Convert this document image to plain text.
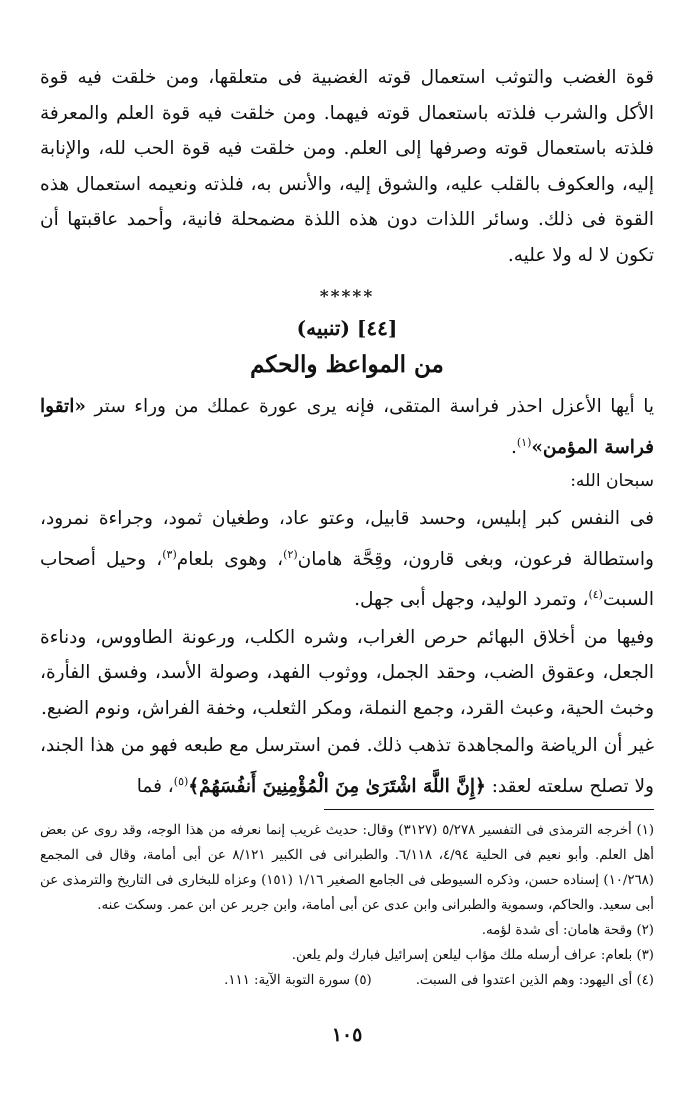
قوة الغضب والتوثب استعمال قوته الغضبية فى متعلقها، ومن خلقت فيه قوة الأكل والشرب فلذته باستعمال قوته فيهما. ومن خلقت فيه قوة العلم والمعرفة فلذته باستعمال قوته وصرفها إلى العلم. ومن خلقت فيه قوة الحب لله، والإنابة إليه، والعكوف بالقلب عليه، والشوق إليه، والأنس به، فلذته ونعيمه استعمال هذه القوة فى ذلك. وسائر اللذات دون هذه اللذة مضمحلة فانية، وأحمد عاقبتها أن تكون لا له ولا عليه.

*****
[٤٤] (تنبيه)
من المواعظ والحكم

يا أيها الأعزل احذر فراسة المتقى، فإنه يرى عورة عملك من وراء ستر «اتقوا فراسة المؤمن»$^{(١)}$.

سبحان الله:

فى النفس كبر إبليس، وحسد قابيل، وعتو عاد، وطغيان ثمود، وجراءة نمرود، واستطالة فرعون، وبغى قارون، وقِحَّة هامان$^{(٢)}$، وهوى بلعام$^{(٣)}$، وحيل أصحاب السبت$^{(٤)}$، وتمرد الوليد، وجهل أبى جهل.

وفيها من أخلاق البهائم حرص الغراب، وشره الكلب، ورعونة الطاووس، ودناءة الجعل، وعقوق الضب، وحقد الجمل، ووثوب الفهد، وصولة الأسد، وفسق الفأرة، وخبث الحية، وعبث القرد، وجمع النملة، ومكر الثعلب، وخفة الفراش، ونوم الضبع.

غير أن الرياضة والمجاهدة تذهب ذلك. فمن استرسل مع طبعه فهو من هذا الجند، ولا تصلح سلعته لعقد: ﴿إِنَّ اللَّهَ اشْتَرَىٰ مِنَ الْمُؤْمِنِينَ أَنفُسَهُمْ﴾$^{(٥)}$، فما

(١) أخرجه الترمذى فى التفسير ٥/٢٧٨ (٣١٢٧) وقال: حديث غريب إنما نعرفه من هذا الوجه، وقد روى عن بعض أهل العلم. وأبو نعيم فى الحلية ٤/٩٤، ٦/١١٨. والطبرانى فى الكبير ٨/١٢١ عن أبى أمامة، وقال فى المجمع (١٠/٢٦٨) إسناده حسن، وذكره السيوطى فى الجامع الصغير ١/١٦ (١٥١) وعزاه للبخارى فى التاريخ والترمذى عن أبى سعيد. والحاكم، وسموية والطبرانى وابن عدى عن أبى أمامة، وابن جرير عن ابن عمر. وسكت عنه.

(٢) وقحة هامان: أى شدة لؤمه.

(٣) بلعام: عراف أرسله ملك مؤاب ليلعن إسرائيل فبارك ولم يلعن.

(٤) أى اليهود: وهم الذين اعتدوا فى السبت.
(٥) سورة التوبة الآية: ١١١.
١٠٥
